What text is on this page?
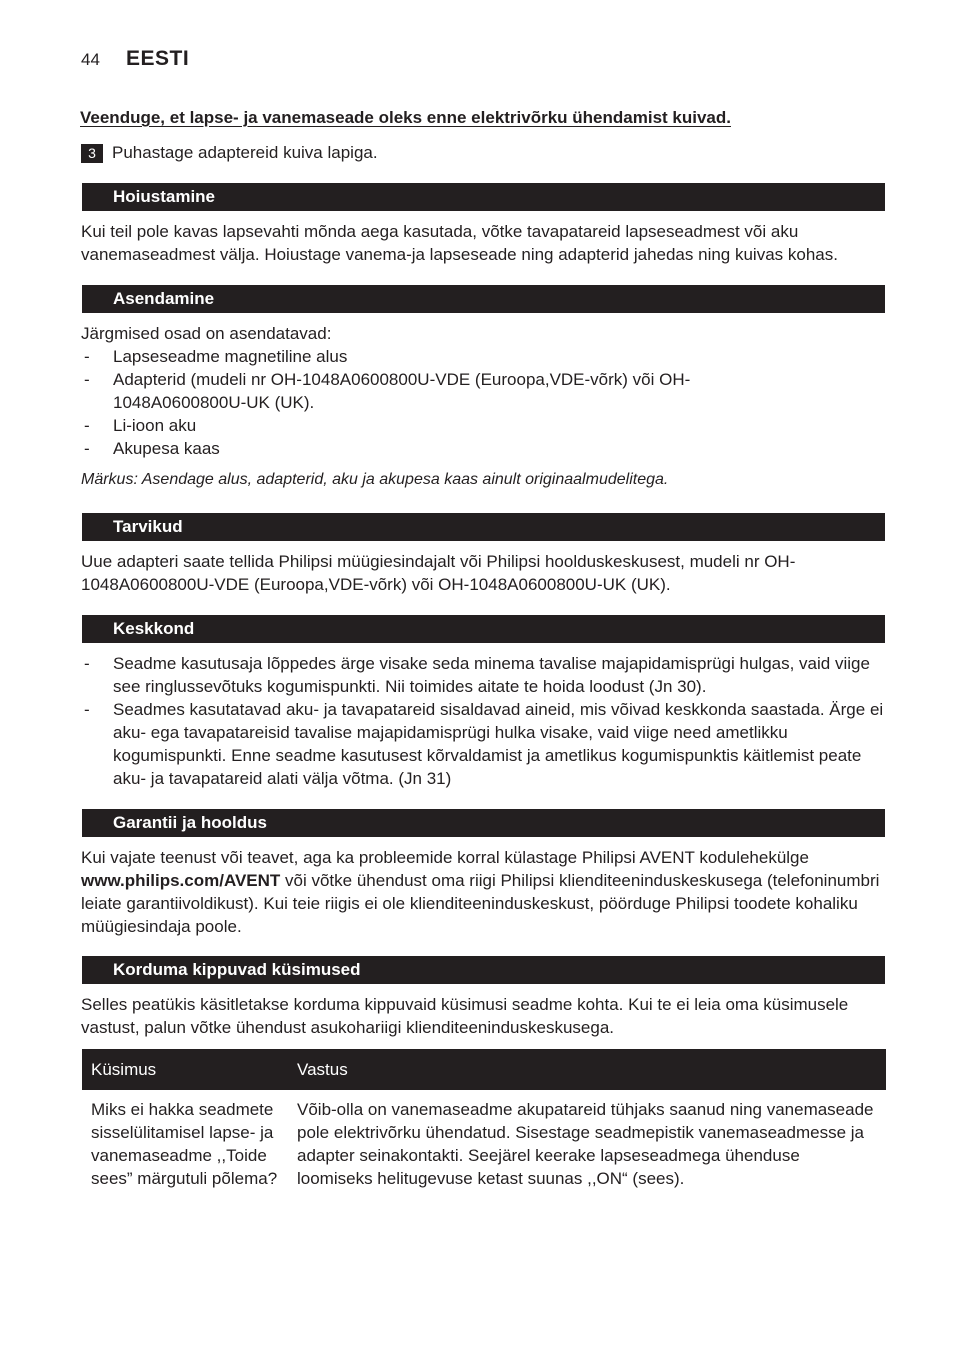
44 EESTI
Veenduge, et lapse- ja vanemaseade oleks enne elektrivõrku ühendamist kuivad.
3 Puhastage adaptereid kuiva lapiga.
Hoiustamine
Kui teil pole kavas lapsevahti mõnda aega kasutada, võtke tavapatareid lapseseadmest või aku vanemaseadmest välja. Hoiustage vanema-ja lapseseade ning adapterid jahedas ning kuivas kohas.
Asendamine
Järgmised osad on asendatavad:
- Lapseseadme magnetiline alus
- Adapterid (mudeli nr OH-1048A0600800U-VDE (Euroopa,VDE-võrk) või OH-1048A0600800U-UK (UK).
- Li-ioon aku
- Akupesa kaas
Märkus: Asendage alus, adapterid, aku ja akupesa kaas ainult originaalmudelitega.
Tarvikud
Uue adapteri saate tellida Philipsi müügiesindajalt või Philipsi hoolduskeskusest, mudeli nr OH-1048A0600800U-VDE (Euroopa,VDE-võrk) või OH-1048A0600800U-UK (UK).
Keskkond
- Seadme kasutusaja lõppedes ärge visake seda minema tavalise majapidamisprügi hulgas, vaid viige see ringlussevõtuks kogumispunkti. Nii toimides aitate te hoida loodust (Jn 30).
- Seadmes kasutatavad aku- ja tavapatareid sisaldavad aineid, mis võivad keskkonda saastada. Ärge ei aku- ega tavapatareisid tavalise majapidamisprügi hulka visake, vaid viige need ametlikku kogumispunkti. Enne seadme kasutusest kõrvaldamist ja ametlikus kogumispunktis käitlemist peate aku- ja tavapatareid alati välja võtma. (Jn 31)
Garantii ja hooldus
Kui vajate teenust või teavet, aga ka probleemide korral külastage Philipsi AVENT kodulehekülge www.philips.com/AVENT või võtke ühendust oma riigi Philipsi klienditeeninduskeskusega (telefoninumbri leiate garantiivoldikust). Kui teie riigis ei ole klienditeeninduskeskust, pöörduge Philipsi toodete kohaliku müügiesindaja poole.
Korduma kippuvad küsimused
Selles peatükis käsitletakse korduma kippuvaid küsimusi seadme kohta. Kui te ei leia oma küsimusele vastust, palun võtke ühendust asukohariigi klienditeeninduskeskusega.
Küsimus	Vastus
Miks ei hakka seadmete sisselülitamisel lapse- ja vanemaseadme ,,Toide sees” märgutuli põlema?
Võib-olla on vanemaseadme akupatareid tühjaks saanud ning vanemaseade pole elektrivõrku ühendatud. Sisestage seadmepistik vanemaseadmesse ja adapter seinakontakti. Seejärel keerake lapseseadmega ühenduse loomiseks helitugevuse ketast suunas ,,ON“ (sees).
